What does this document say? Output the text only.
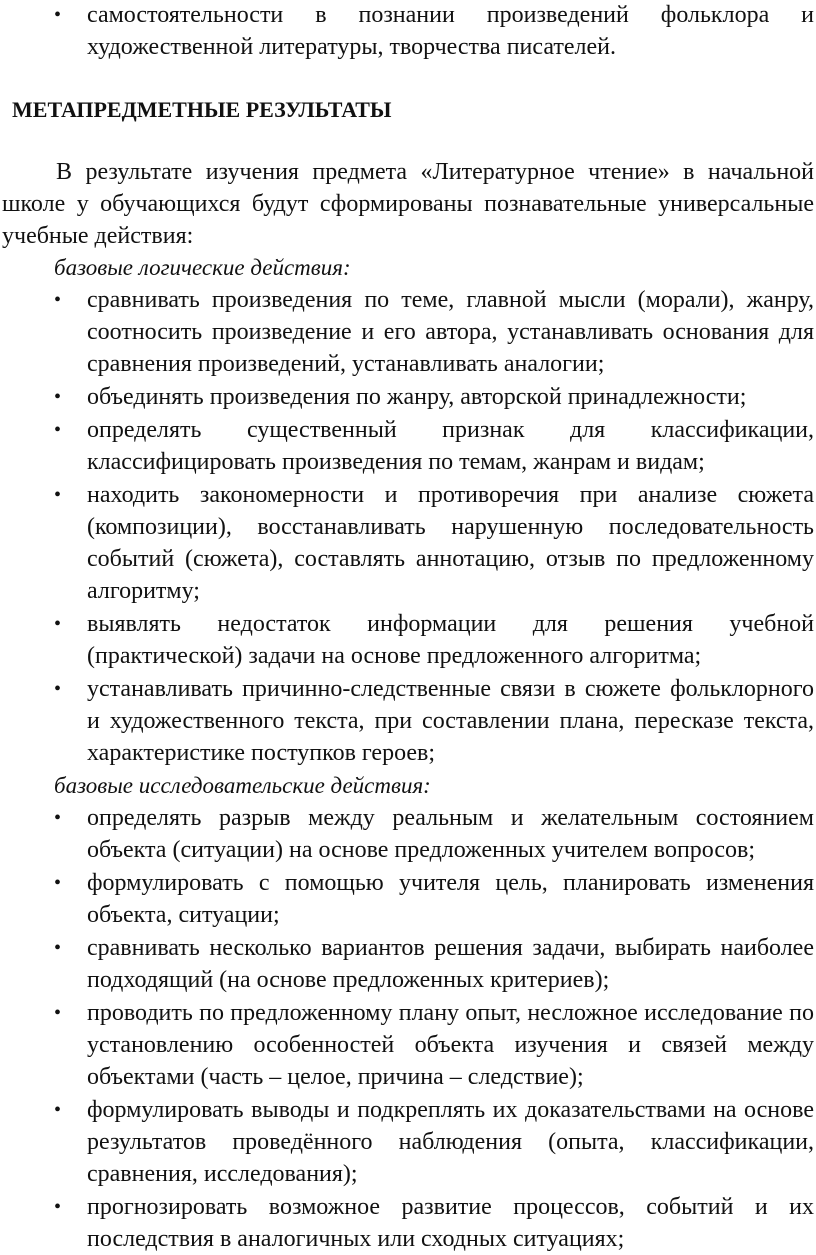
• самостоятельности в познании произведений фольклора и художественной литературы, творчества писателей.
МЕТАПРЕДМЕТНЫЕ РЕЗУЛЬТАТЫ

В результате изучения предмета «Литературное чтение» в начальной школе у обучающихся будут сформированы познавательные универсальные учебные действия:

базовые логические действия:

• сравнивать произведения по теме, главной мысли (морали), жанру, соотносить произведение и его автора, устанавливать основания для сравнения произведений, устанавливать аналогии;
• объединять произведения по жанру, авторской принадлежности;
• определять существенный признак для классификации, классифицировать произведения по темам, жанрам и видам;
• находить закономерности и противоречия при анализе сюжета (композиции), восстанавливать нарушенную последовательность событий (сюжета), составлять аннотацию, отзыв по предложенному алгоритму;
• выявлять недостаток информации для решения учебной (практической) задачи на основе предложенного алгоритма;
• устанавливать причинно-следственные связи в сюжете фольклорного и художественного текста, при составлении плана, пересказе текста, характеристике поступков героев;

базовые исследовательские действия:

• определять разрыв между реальным и желательным состоянием объекта (ситуации) на основе предложенных учителем вопросов;
• формулировать с помощью учителя цель, планировать изменения объекта, ситуации;
• сравнивать несколько вариантов решения задачи, выбирать наиболее подходящий (на основе предложенных критериев);
• проводить по предложенному плану опыт, несложное исследование по установлению особенностей объекта изучения и связей между объектами (часть – целое, причина – следствие);
• формулировать выводы и подкреплять их доказательствами на основе результатов проведённого наблюдения (опыта, классификации, сравнения, исследования);
• прогнозировать возможное развитие процессов, событий и их последствия в аналогичных или сходных ситуациях;
